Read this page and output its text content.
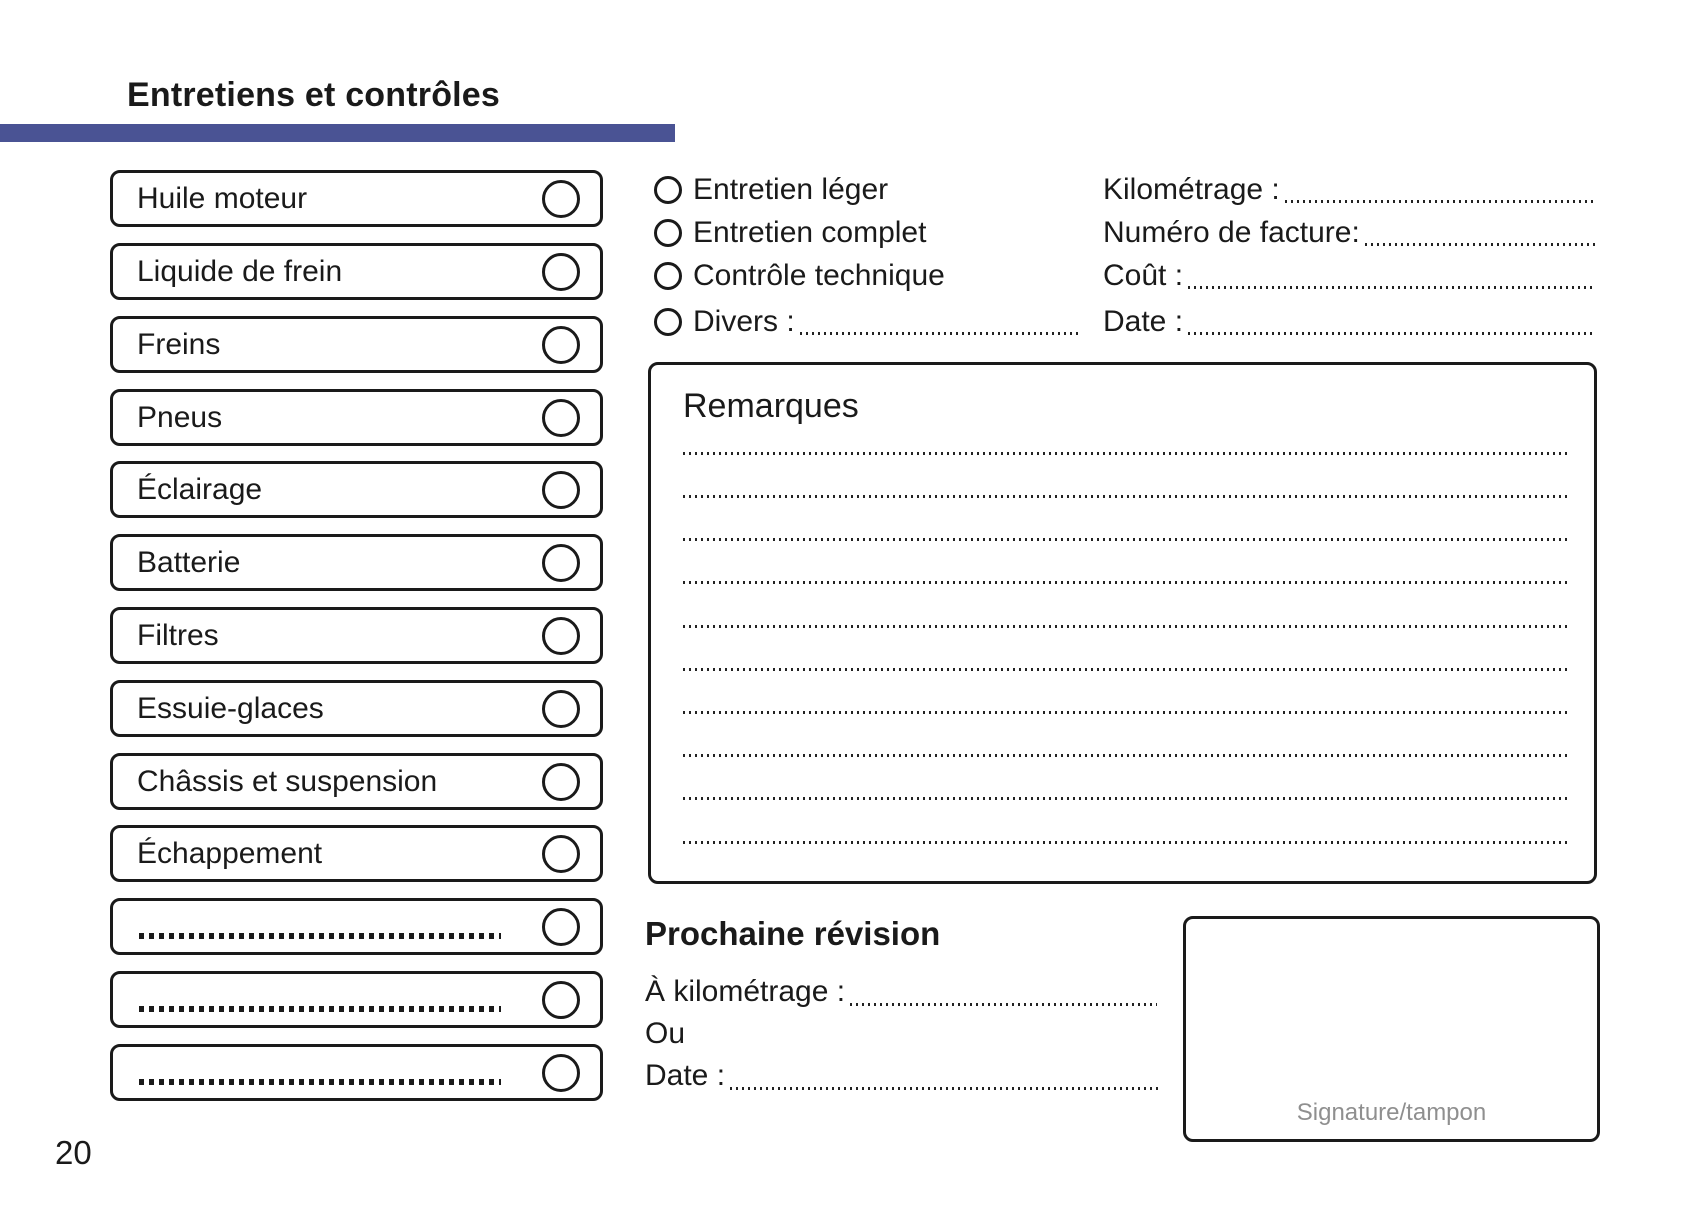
Entretiens et contrôles
Huile moteur
Liquide de frein
Freins
Pneus
Éclairage
Batterie
Filtres
Essuie-glaces
Châssis et suspension
Échappement
Entretien léger
Entretien complet
Contrôle technique
Divers :
Kilométrage :
Numéro de facture:
Coût :
Date :
Remarques
Prochaine révision
À kilométrage :
Ou
Date :
Signature/tampon
20
